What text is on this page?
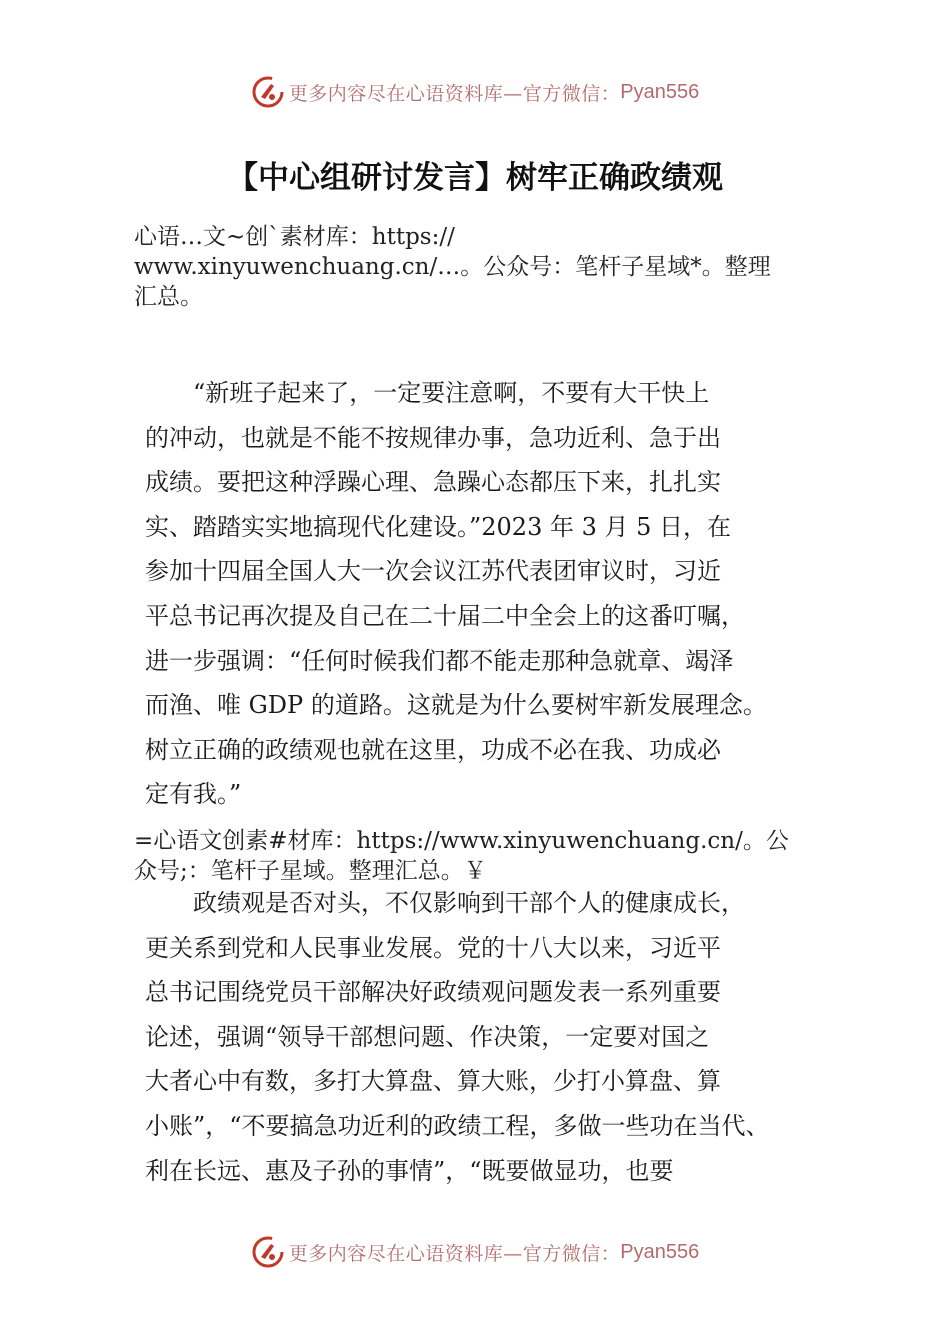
更多内容尽在心语资料库—官方微信： Pyan556
【中心组研讨发言】树牢正确政绩观
心语…文~创`素材库：https://
www.xinyuwenchuang.cn/…。公众号：笔杆子星域*。整理
汇总。
　　“新班子起来了，一定要注意啊，不要有大干快上
的冲动，也就是不能不按规律办事，急功近利、急于出
成绩。要把这种浮躁心理、急躁心态都压下来，扎扎实
实、踏踏实实地搞现代化建设。”2023 年 3 月 5 日，在
参加十四届全国人大一次会议江苏代表团审议时，习近
平总书记再次提及自己在二十届二中全会上的这番叮嘱，
进一步强调：“任何时候我们都不能走那种急就章、竭泽
而渔、唯 GDP 的道路。这就是为什么要树牢新发展理念。
树立正确的政绩观也就在这里，功成不必在我、功成必
定有我。”
=心语文创素#材库：https://www.xinyuwenchuang.cn/。公
众号;：笔杆子星域。整理汇总。￥
　　政绩观是否对头，不仅影响到干部个人的健康成长，
更关系到党和人民事业发展。党的十八大以来，习近平
总书记围绕党员干部解决好政绩观问题发表一系列重要
论述，强调“领导干部想问题、作决策，一定要对国之
大者心中有数，多打大算盘、算大账，少打小算盘、算
小账”，“不要搞急功近利的政绩工程，多做一些功在当代、
利在长远、惠及子孙的事情”，“既要做显功，也要
更多内容尽在心语资料库—官方微信： Pyan556
